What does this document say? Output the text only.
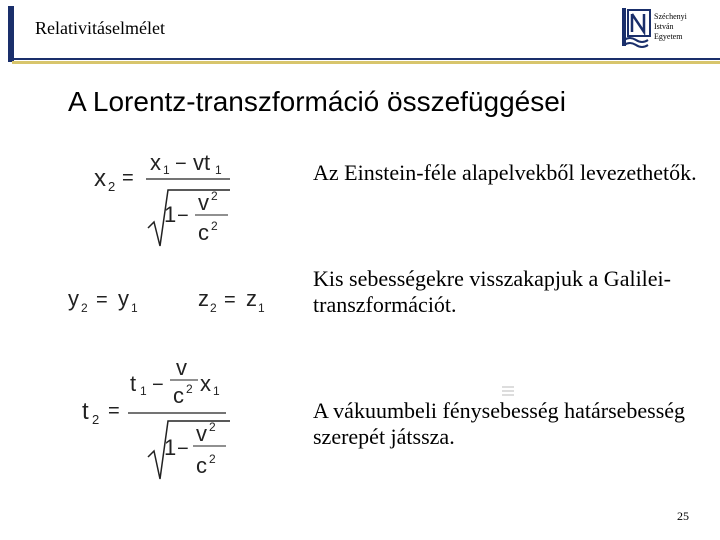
Relativitáselmélet
Széchenyi
István
Egyetem
A Lorentz-transzformáció összefüggései
x 2 =
x 1 − vt 1
1 −
v 2
c 2
y 2 = y 1	z 2 = z 1
t 2 =
t 1 −
v
c 2 x 1
1 −
v 2
c 2
Az Einstein-féle alapelvekből levezethetők.
Kis sebességekre visszakapjuk a Galilei-transzformációt.
A vákuumbeli fénysebesség határsebesség szerepét játssza.
25
